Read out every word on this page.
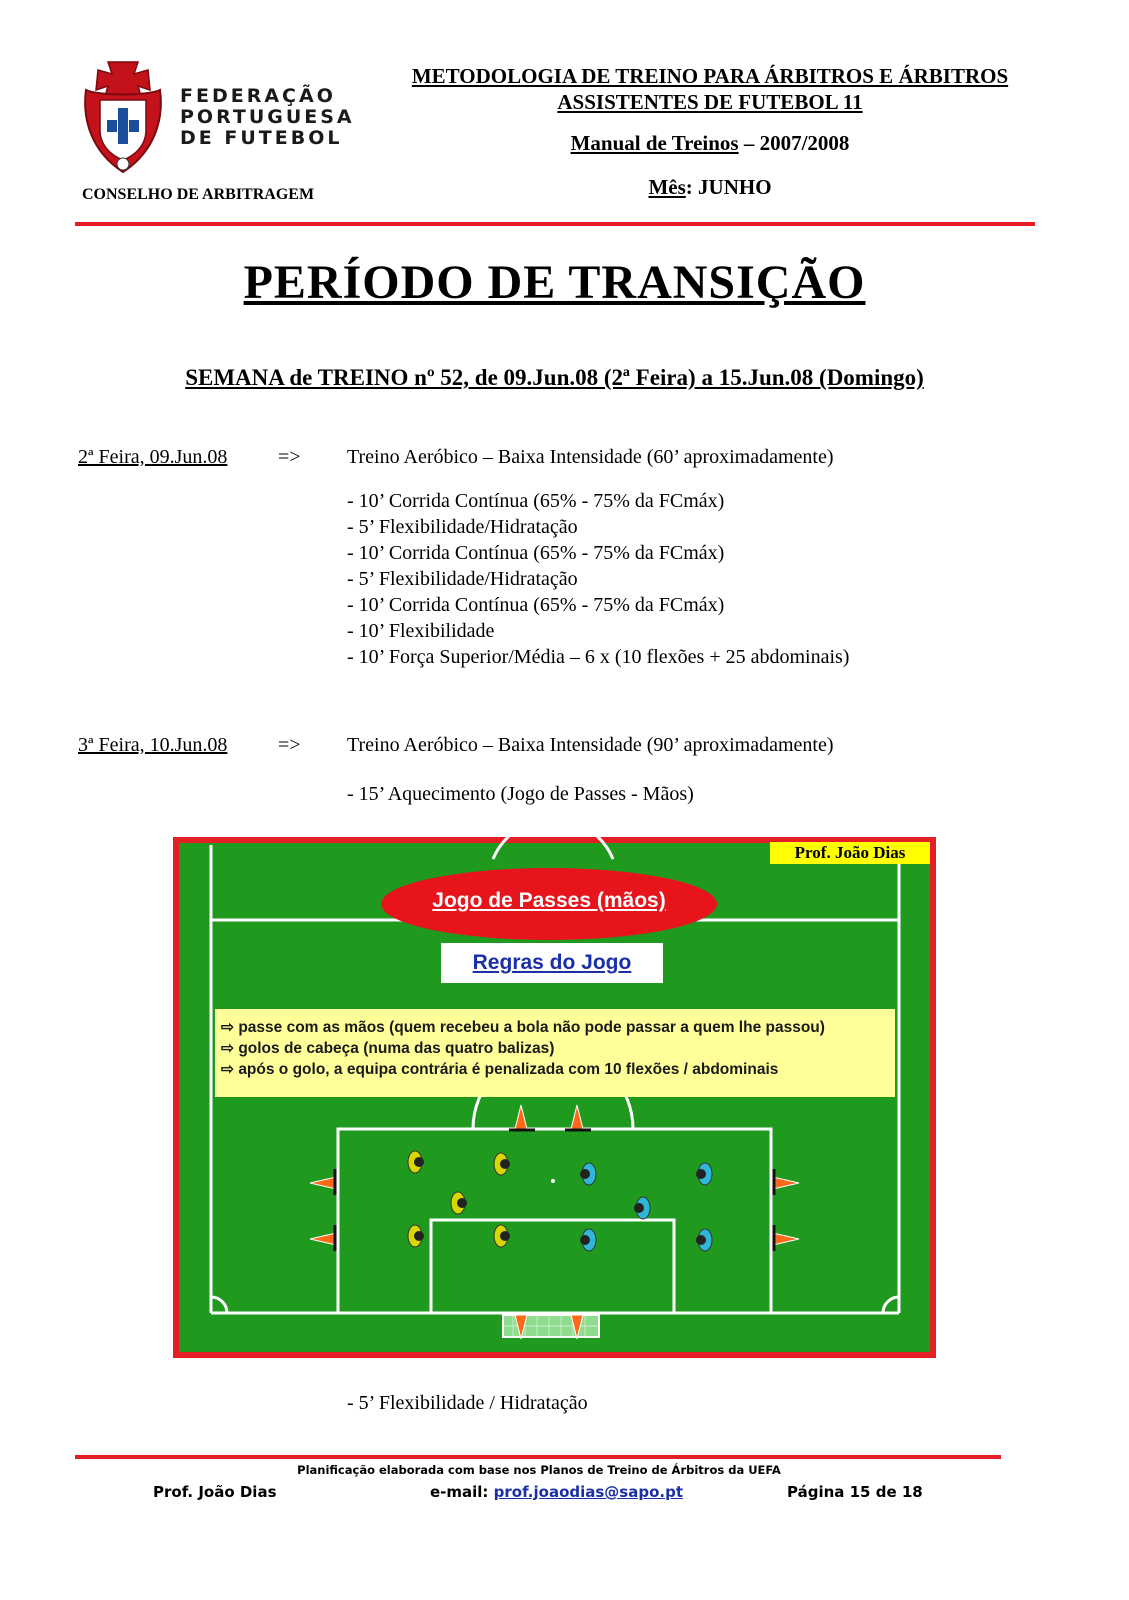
FEDERAÇÃO
PORTUGUESA
DE FUTEBOL
CONSELHO DE ARBITRAGEM
METODOLOGIA DE TREINO PARA ÁRBITROS E ÁRBITROS
ASSISTENTES DE FUTEBOL 11
Manual de Treinos – 2007/2008
Mês: JUNHO
PERÍODO DE TRANSIÇÃO
SEMANA de TREINO nº 52, de 09.Jun.08 (2ª Feira) a 15.Jun.08 (Domingo)
2ª Feira, 09.Jun.08	=> Treino Aeróbico – Baixa Intensidade (60’ aproximadamente)
- 10’ Corrida Contínua (65% - 75% da FCmáx)
- 5’ Flexibilidade/Hidratação
- 10’ Corrida Contínua (65% - 75% da FCmáx)
- 5’ Flexibilidade/Hidratação
- 10’ Corrida Contínua (65% - 75% da FCmáx)
- 10’ Flexibilidade
- 10’ Força Superior/Média – 6 x (10 flexões + 25 abdominais)
3ª Feira, 10.Jun.08	=> Treino Aeróbico – Baixa Intensidade (90’ aproximadamente)
- 15’ Aquecimento (Jogo de Passes - Mãos)
Prof. João Dias
Jogo de Passes (mãos)
Regras do Jogo
⇨ passe com as mãos (quem recebeu a bola não pode passar a quem lhe passou)
⇨ golos de cabeça (numa das quatro balizas)
⇨ após o golo, a equipa contrária é penalizada com 10 flexões / abdominais
- 5’ Flexibilidade / Hidratação
Planificação elaborada com base nos Planos de Treino de Árbitros da UEFA
Prof. João Dias	e-mail: prof.joaodias@sapo.pt	Página 15 de 18
